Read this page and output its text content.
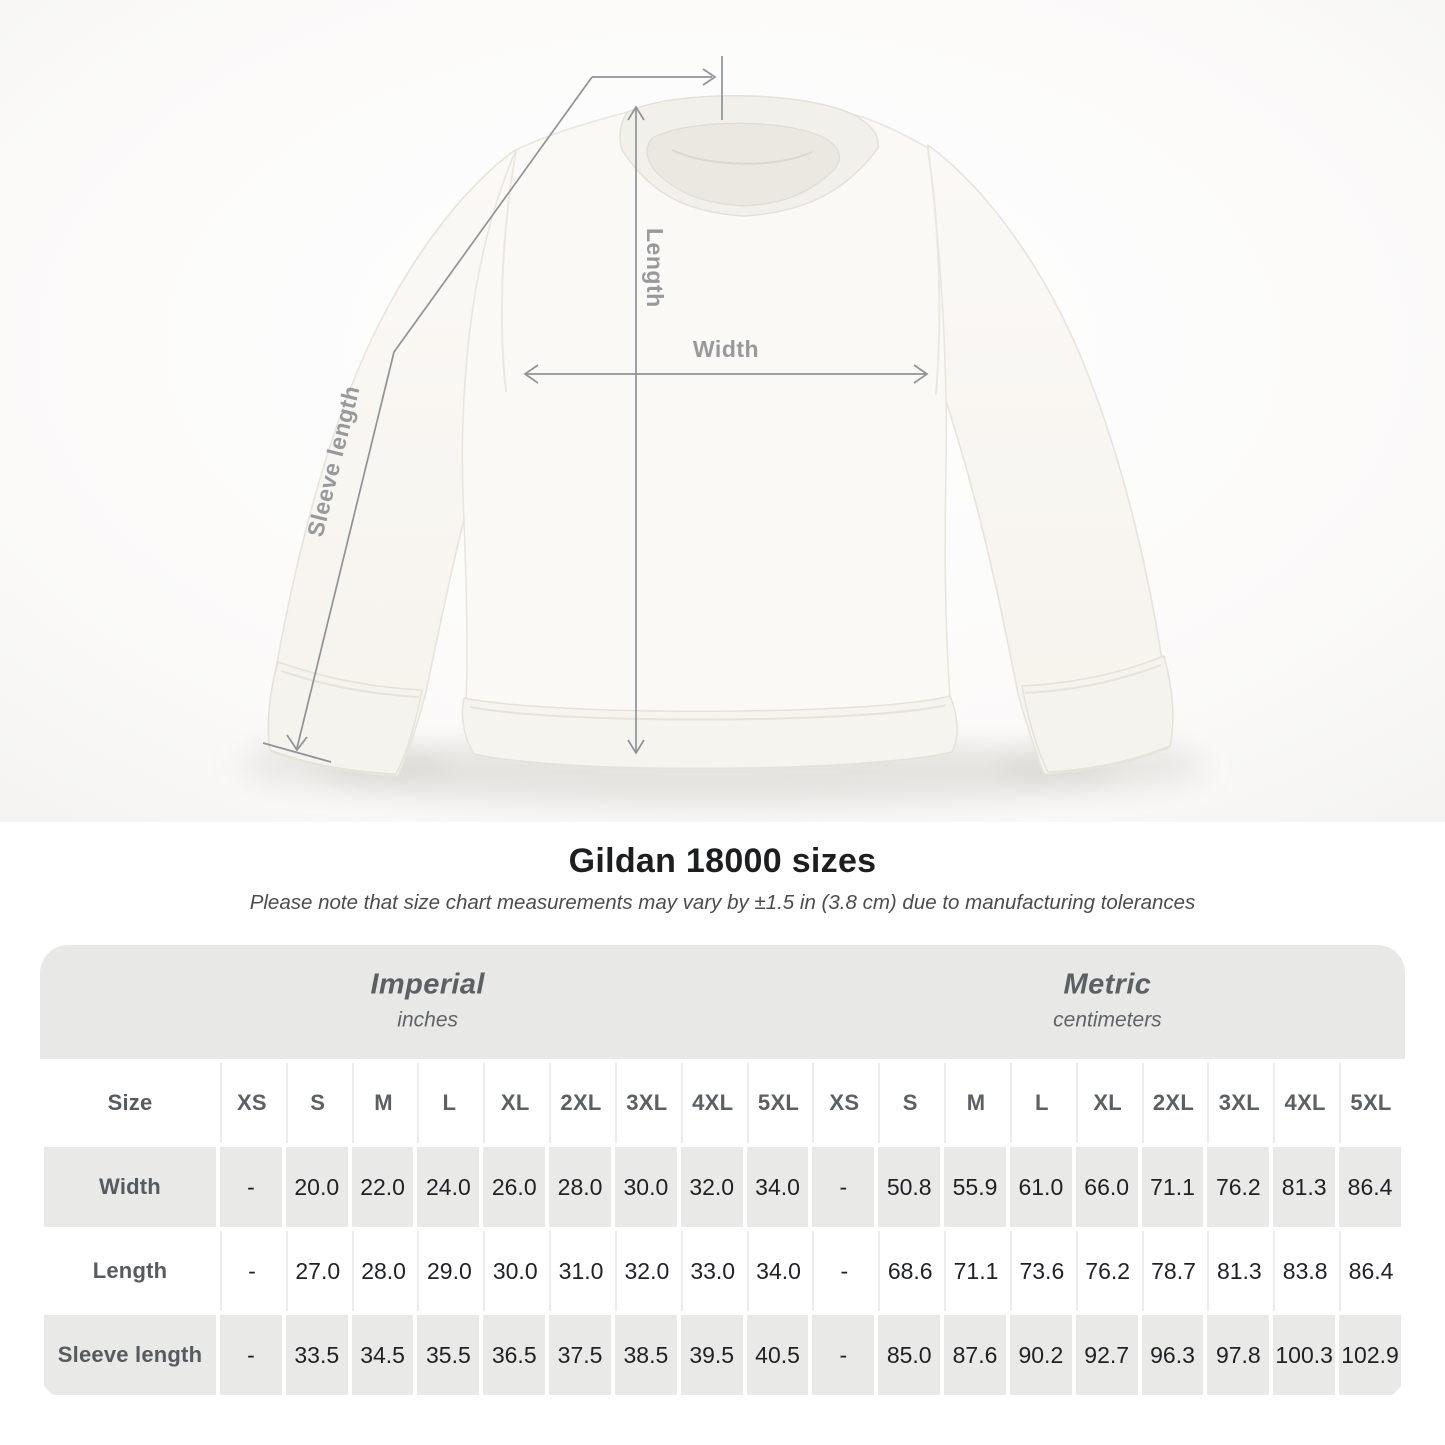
Width
Length
Sleeve length
Gildan 18000 sizes

Please note that size chart measurements may vary by ±1.5 in (3.8 cm) due to manufacturing tolerances

Imperial
inches
Metric
centimeters
Size	XS	S	M	L	XL	2XL	3XL	4XL	5XL	XS	S	M	L	XL	2XL	3XL	4XL	5XL
Width	-	20.0	22.0	24.0	26.0	28.0	30.0	32.0	34.0	-	50.8	55.9	61.0	66.0	71.1	76.2	81.3	86.4
Length	-	27.0	28.0	29.0	30.0	31.0	32.0	33.0	34.0	-	68.6	71.1	73.6	76.2	78.7	81.3	83.8	86.4
Sleeve length	-	33.5	34.5	35.5	36.5	37.5	38.5	39.5	40.5	-	85.0	87.6	90.2	92.7	96.3	97.8	100.3	102.9
